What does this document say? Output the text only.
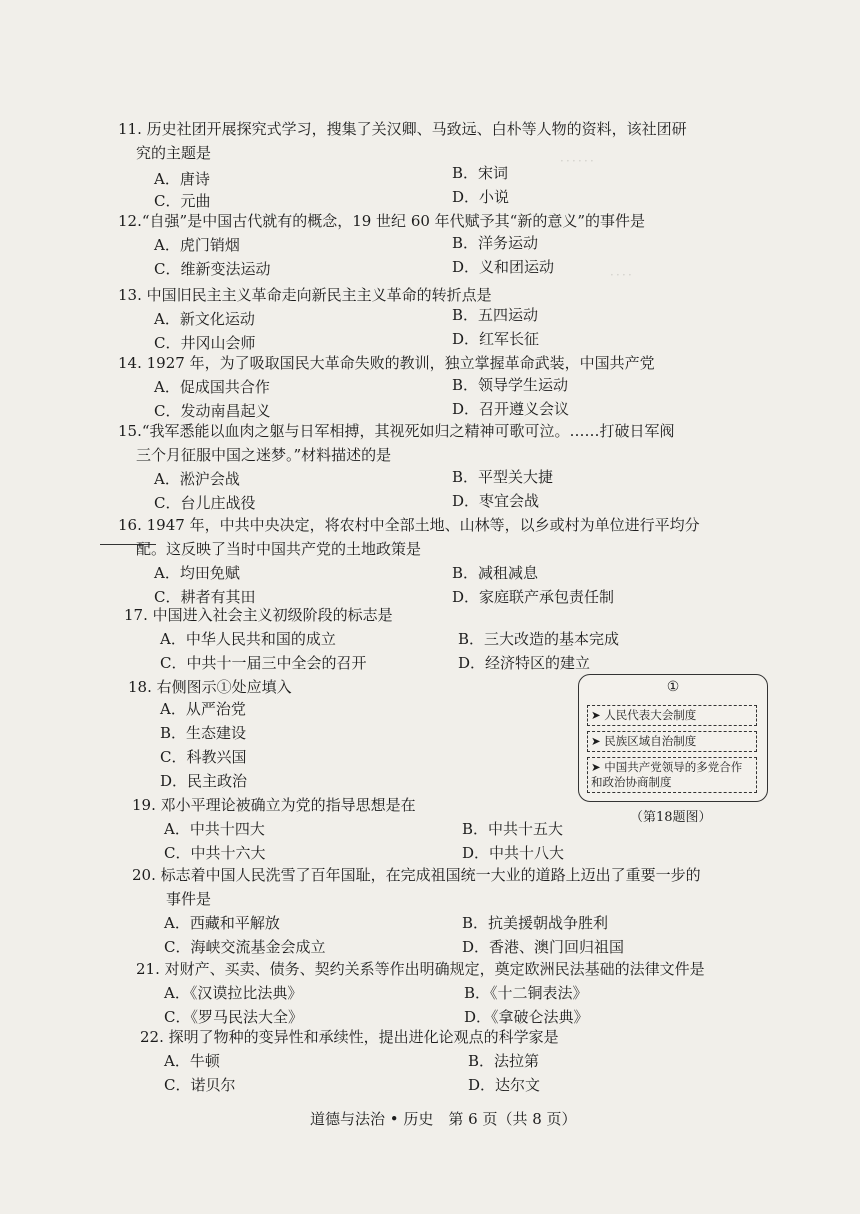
．．．．．．
．．．．
11. 历史社团开展探究式学习，搜集了关汉卿、马致远、白朴等人物的资料，该社团研
究的主题是
A．唐诗	B．宋词
C．元曲	D．小说
12.“自强”是中国古代就有的概念，19 世纪 60 年代赋予其“新的意义”的事件是
A．虎门销烟	B．洋务运动
C．维新变法运动	D．义和团运动
13. 中国旧民主主义革命走向新民主主义革命的转折点是
A．新文化运动	B．五四运动
C．井冈山会师	D．红军长征
14. 1927 年，为了吸取国民大革命失败的教训，独立掌握革命武装，中国共产党
A．促成国共合作	B．领导学生运动
C．发动南昌起义	D．召开遵义会议
15.“我军悉能以血肉之躯与日军相搏，其视死如归之精神可歌可泣。……打破日军阀
三个月征服中国之迷梦。”材料描述的是
A．淞沪会战	B．平型关大捷
C．台儿庄战役	D．枣宜会战
16. 1947 年，中共中央决定，将农村中全部土地、山林等，以乡或村为单位进行平均分
配。这反映了当时中国共产党的土地政策是
A．均田免赋	B．减租减息
C．耕者有其田	D．家庭联产承包责任制
17. 中国进入社会主义初级阶段的标志是
A．中华人民共和国的成立	B．三大改造的基本完成
C．中共十一届三中全会的召开	D．经济特区的建立
18. 右侧图示①处应填入
A．从严治党
B．生态建设
C．科教兴国
D．民主政治
①
➤ 人民代表大会制度
➤ 民族区域自治制度
➤ 中国共产党领导的多党合作和政治协商制度
（第18题图）
19. 邓小平理论被确立为党的指导思想是在
A．中共十四大	B．中共十五大
C．中共十六大	D．中共十八大
20. 标志着中国人民洗雪了百年国耻，在完成祖国统一大业的道路上迈出了重要一步的
事件是
A．西藏和平解放	B．抗美援朝战争胜利
C．海峡交流基金会成立	D．香港、澳门回归祖国
21. 对财产、买卖、债务、契约关系等作出明确规定，奠定欧洲民法基础的法律文件是
A．《汉谟拉比法典》	B．《十二铜表法》
C．《罗马民法大全》	D．《拿破仑法典》
22. 探明了物种的变异性和承续性，提出进化论观点的科学家是
A．牛顿	B．法拉第
C．诺贝尔	D．达尔文
道德与法治 • 历史　第 6 页（共 8 页）
